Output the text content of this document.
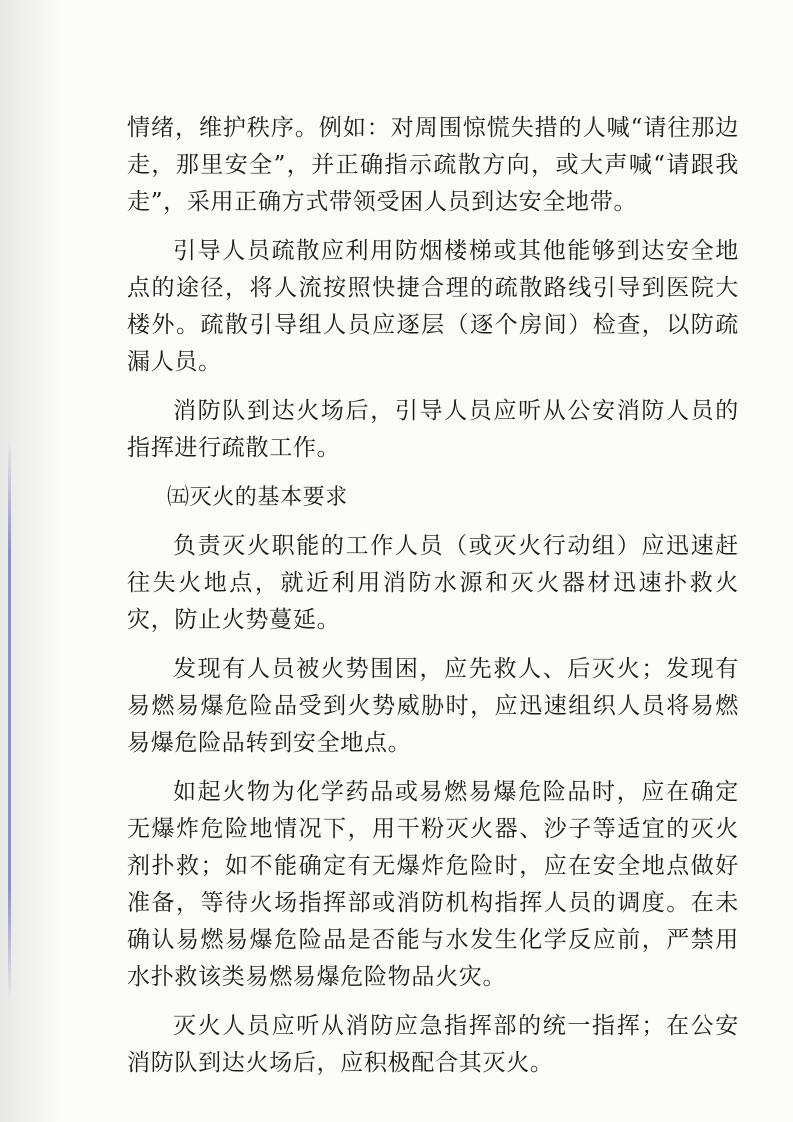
情绪，维护秩序。例如：对周围惊慌失措的人喊“请往那边走，那里安全”，并正确指示疏散方向，或大声喊“请跟我走”，采用正确方式带领受困人员到达安全地带。

引导人员疏散应利用防烟楼梯或其他能够到达安全地点的途径，将人流按照快捷合理的疏散路线引导到医院大楼外。疏散引导组人员应逐层（逐个房间）检查，以防疏漏人员。

消防队到达火场后，引导人员应听从公安消防人员的指挥进行疏散工作。

㈤灭火的基本要求

负责灭火职能的工作人员（或灭火行动组）应迅速赶往失火地点，就近利用消防水源和灭火器材迅速扑救火灾，防止火势蔓延。

发现有人员被火势围困，应先救人、后灭火；发现有易燃易爆危险品受到火势威胁时，应迅速组织人员将易燃易爆危险品转到安全地点。

如起火物为化学药品或易燃易爆危险品时，应在确定无爆炸危险地情况下，用干粉灭火器、沙子等适宜的灭火剂扑救；如不能确定有无爆炸危险时，应在安全地点做好准备，等待火场指挥部或消防机构指挥人员的调度。在未确认易燃易爆危险品是否能与水发生化学反应前，严禁用水扑救该类易燃易爆危险物品火灾。

灭火人员应听从消防应急指挥部的统一指挥；在公安消防队到达火场后，应积极配合其灭火。
